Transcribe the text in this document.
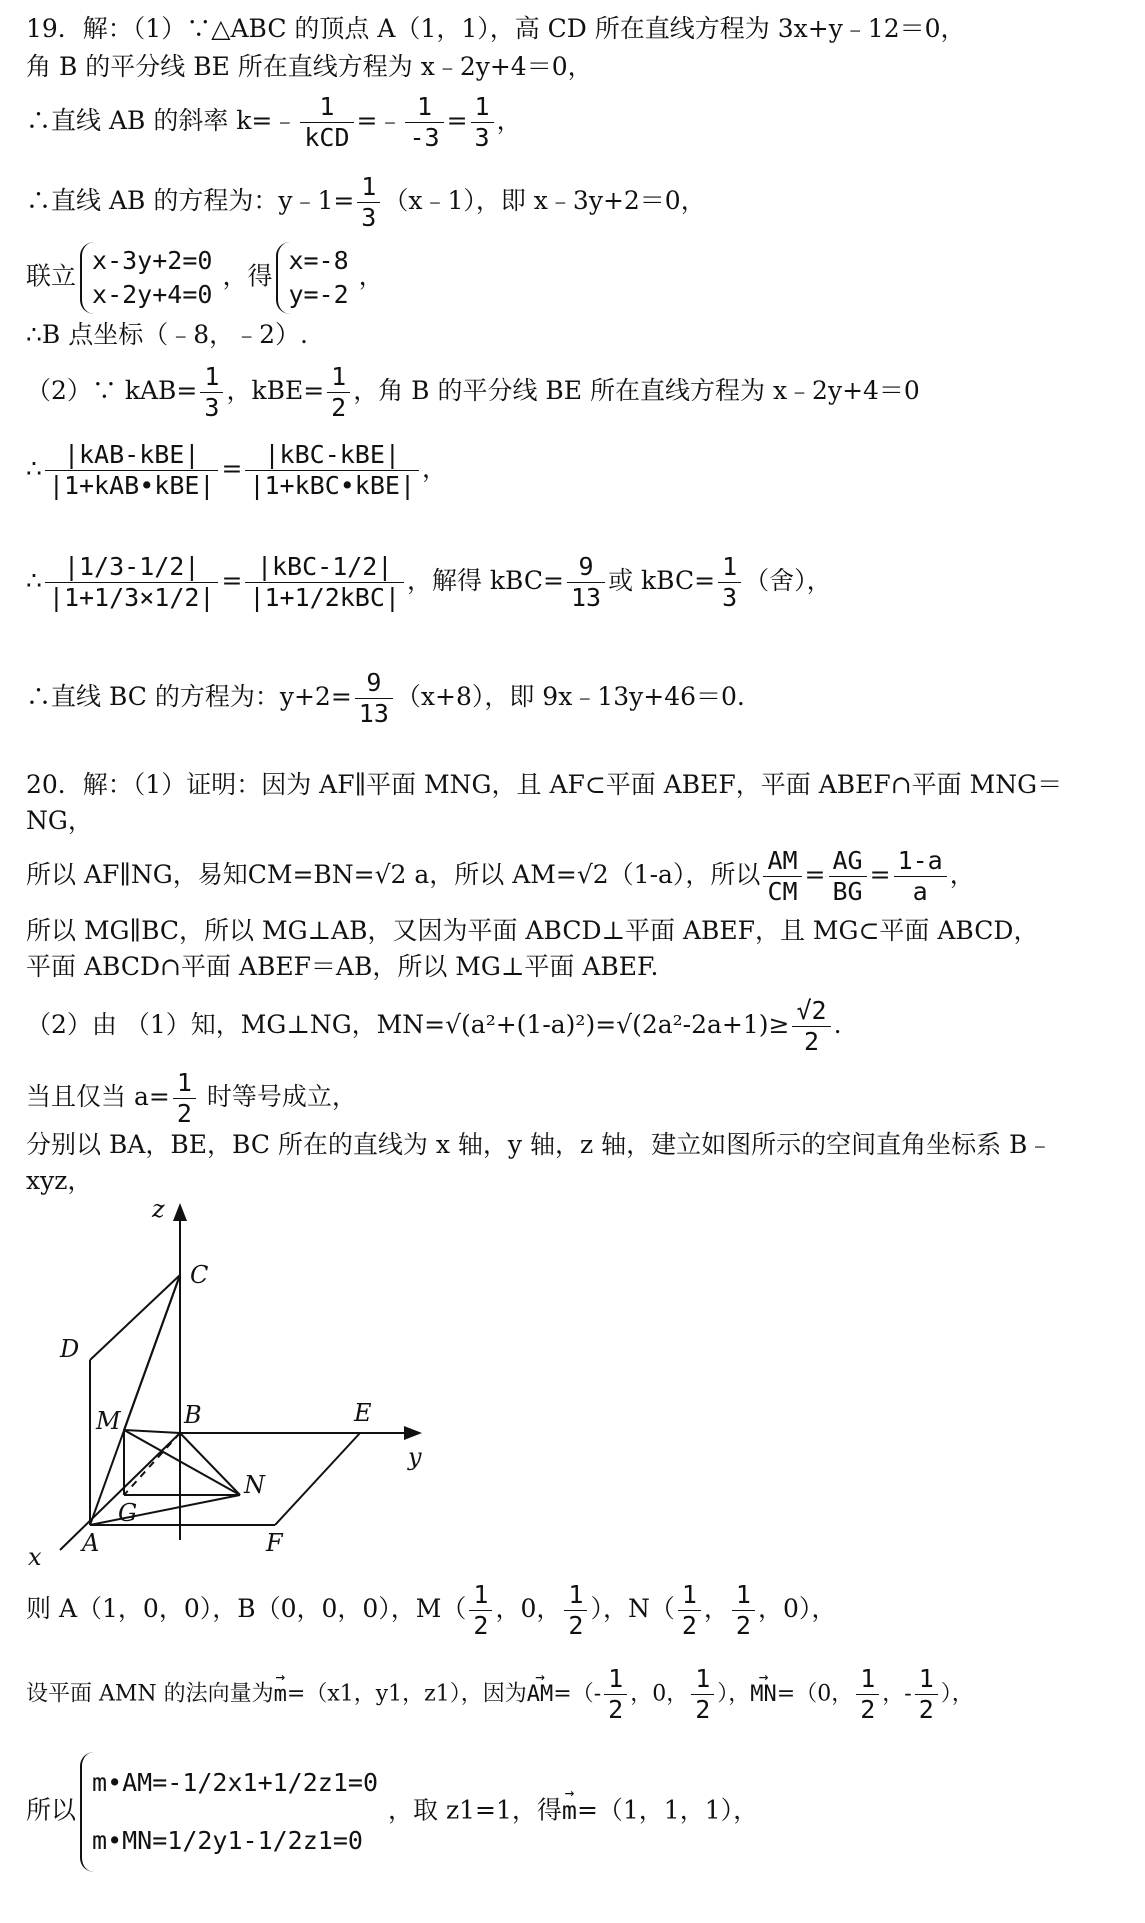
19．解：（1）∵△ABC 的顶点 A（1，1），高 CD 所在直线方程为 3x+y﹣12＝0，
角 B 的平分线 BE 所在直线方程为 x﹣2y+4＝0，
∴直线 AB 的斜率 k=﹣ $\frac{1}{\text{kCD}}$ =﹣ $\frac{1}{-3} = \frac{1}{3}$ ，
∴直线 AB 的方程为：y﹣1= $\frac{1}{3}$ （x﹣1），即 x﹣3y+2＝0，
联立
x-3y+2=0
x-2y+4=0
，得
x=-8
y=-2
，
∴B 点坐标（﹣8，﹣2）.
（2）∵ $kAB= \frac{1}{3}$ ，$kBE= \frac{1}{2}$ ，角 B 的平分线 BE 所在直线方程为 x﹣2y+4＝0
∴ $\frac{\text{|kAB-kBE|}}{\text{|1+kAB•kBE|}} = \frac{\text{|kBC-kBE|}}{\text{|1+kBC•kBE|}}$ ，
∴ $\frac{|1/3-1/2|}{|1+1/3\times 1/2|} = \frac{\text{|kBC-1/2|}}{\text{|1+1/2kBC|}}$ ，解得 $kBC= \frac{9}{13}$ 或 $kBC= \frac{1}{3}$ （舍），
∴直线 BC 的方程为：$y+2= \frac{9}{13} (x+8)$，即 9x﹣13y+46＝0.
20．解：（1）证明：因为 AF∥平面 MNG，且 AF⊂平面 ABEF，平面 ABEF∩平面 MNG＝
NG，
所以 AF∥NG，易知CM=BN=√2 a，所以 AM=√2（1-a），所以 $\frac{AM}{CM} = \frac{AG}{BG} = \frac{1-a}{a}$ ，
所以 MG∥BC，所以 MG⊥AB，又因为平面 ABCD⊥平面 ABEF，且 MG⊂平面 ABCD，
平面 ABCD∩平面 ABEF＝AB，所以 MG⊥平面 ABEF.
（2）由 （1）知，MG⊥NG，$MN=√(a^2+(1-a)^2)=√(2a^2-2a+1)\ge \frac{√2}{2}$ .
当且仅当 $a= \frac{1}{2}$ 时等号成立，
分别以 BA，BE，BC 所在的直线为 x 轴，y 轴，z 轴，建立如图所示的空间直角坐标系 B﹣
xyz，
z
y
x
C
D
B	E
M
N
G
A	F
则 A（1，0，0），B（0，0，0），$M( \frac{1}{2}$ ，0， $\frac{1}{2}$ ），$N( \frac{1}{2}$ ， $\frac{1}{2}$ ，0），
设平面 AMN 的法向量为→ m=（x1，y1，z1），因为→ $AM=(- \frac{1}{2}$ ，0， $\frac{1}{2}$ ），→ MN=（0， $\frac{1}{2}$ ，- $\frac{1}{2}$ ），
所以
m•AM=-1/2x1+1/2z1=0
m•MN=1/2y1-1/2z1=0
，取 z1=1，得→ m=（1，1，1），
